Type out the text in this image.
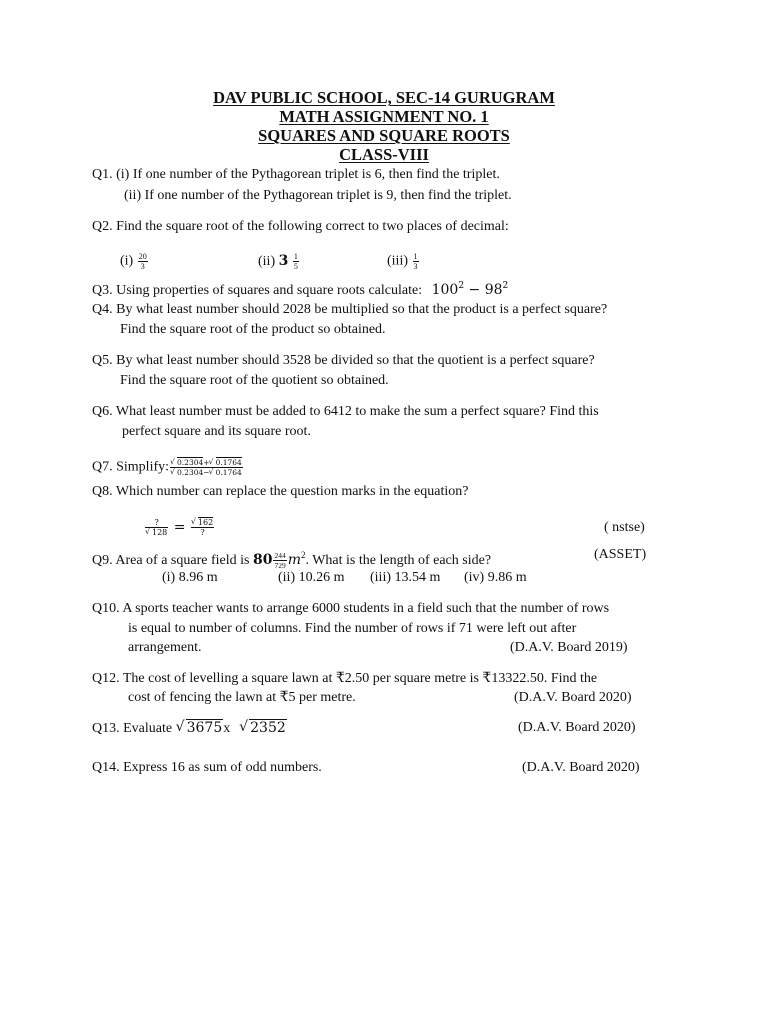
DAV PUBLIC SCHOOL, SEC-14 GURUGRAM
MATH ASSIGNMENT NO. 1
SQUARES AND SQUARE ROOTS
CLASS-VIII
Q1. (i) If one number of the Pythagorean triplet is 6, then find the triplet.
(ii) If one number of the Pythagorean triplet is 9, then find the triplet.
Q2. Find the square root of the following correct to two places of decimal:
$(i) \frac{20}{3}$	(ii) $3 \frac{1}{5}$	$(iii) \frac{1}{3}$
Q3. Using properties of squares and square roots calculate: $100^2 - 98^2$
Q4. By what least number should 2028 be multiplied so that the product is a perfect square?
Find the square root of the product so obtained.
Q5. By what least number should 3528 be divided so that the quotient is a perfect square?
Find the square root of the quotient so obtained.
Q6. What least number must be added to 6412 to make the sum a perfect square? Find this
perfect square and its square root.
Q7. Simplify: √ 0.2304+ √ 0.1764
√ 0.2304− √ 0.1764
Q8. Which number can replace the question marks in the equation?
?
√ 128 = √ $\frac{162}{?}$	( nstse)
Q9. Area of a square field is $80 \frac{244}{729} m^2$. What is the length of each side?	(ASSET)
(i) 8.96 m	(ii) 10.26 m (iii) 13.54 m (iv) 9.86 m
Q10. A sports teacher wants to arrange 6000 students in a field such that the number of rows
is equal to number of columns. Find the number of rows if 71 were left out after
arrangement.	(D.A.V. Board 2019)
Q12. The cost of levelling a square lawn at ₹2.50 per square metre is ₹13322.50. Find the
cost of fencing the lawn at ₹5 per metre.	(D.A.V. Board 2020)
Q13. Evaluate √ 3675x √ 2352	(D.A.V. Board 2020)
Q14. Express 16 as sum of odd numbers.	(D.A.V. Board 2020)
